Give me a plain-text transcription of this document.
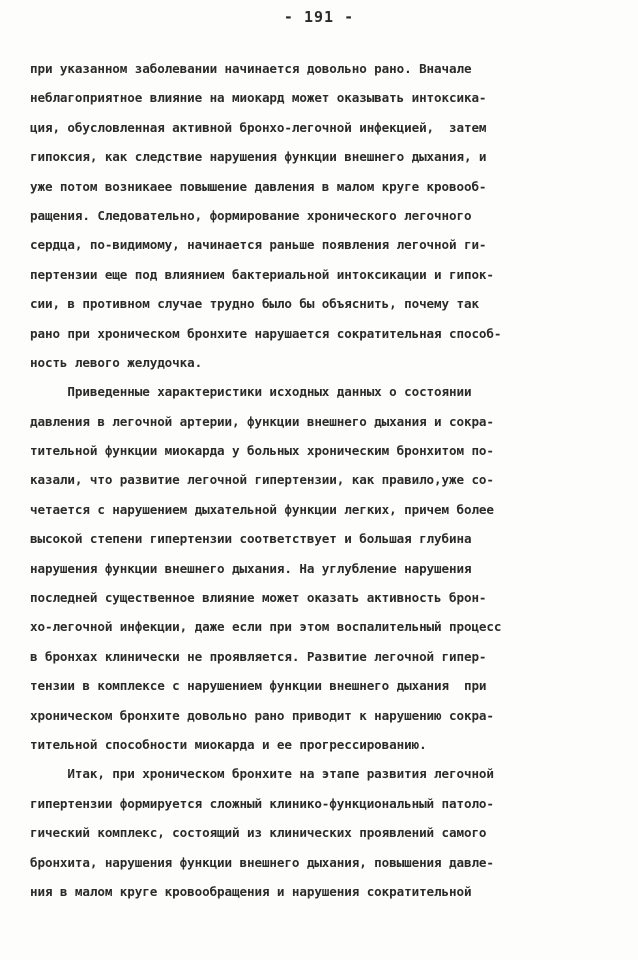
- 191 -
при указанном заболевании начинается довольно рано. Вначале
неблагоприятное влияние на миокард может оказывать интоксика-
ция, обусловленная активной бронхо-легочной инфекцией,  затем
гипоксия, как следствие нарушения функции внешнего дыхания, и
уже потом возникаее повышение давления в малом круге кровооб-
ращения. Следовательно, формирование хронического легочного
сердца, по-видимому, начинается раньше появления легочной ги-
пертензии еще под влиянием бактериальной интоксикации и гипок-
сии, в противном случае трудно было бы объяснить, почему так
рано при хроническом бронхите нарушается сократительная способ-
ность левого желудочка.
Приведенные характеристики исходных данных о состоянии
давления в легочной артерии, функции внешнего дыхания и сокра-
тительной функции миокарда у больных хроническим бронхитом по-
казали, что развитие легочной гипертензии, как правило,уже со-
четается с нарушением дыхательной функции легких, причем более
высокой степени гипертензии соответствует и большая глубина
нарушения функции внешнего дыхания. На углубление нарушения
последней существенное влияние может оказать активность брон-
хо-легочной инфекции, даже если при этом воспалительный процесс
в бронхах клинически не проявляется. Развитие легочной гипер-
тензии в комплексе с нарушением функции внешнего дыхания  при
хроническом бронхите довольно рано приводит к нарушению сокра-
тительной способности миокарда и ее прогрессированию.
Итак, при хроническом бронхите на этапе развития легочной
гипертензии формируется сложный клинико-функциональный патоло-
гический комплекс, состоящий из клинических проявлений самого
бронхита, нарушения функции внешнего дыхания, повышения давле-
ния в малом круге кровообращения и нарушения сократительной
